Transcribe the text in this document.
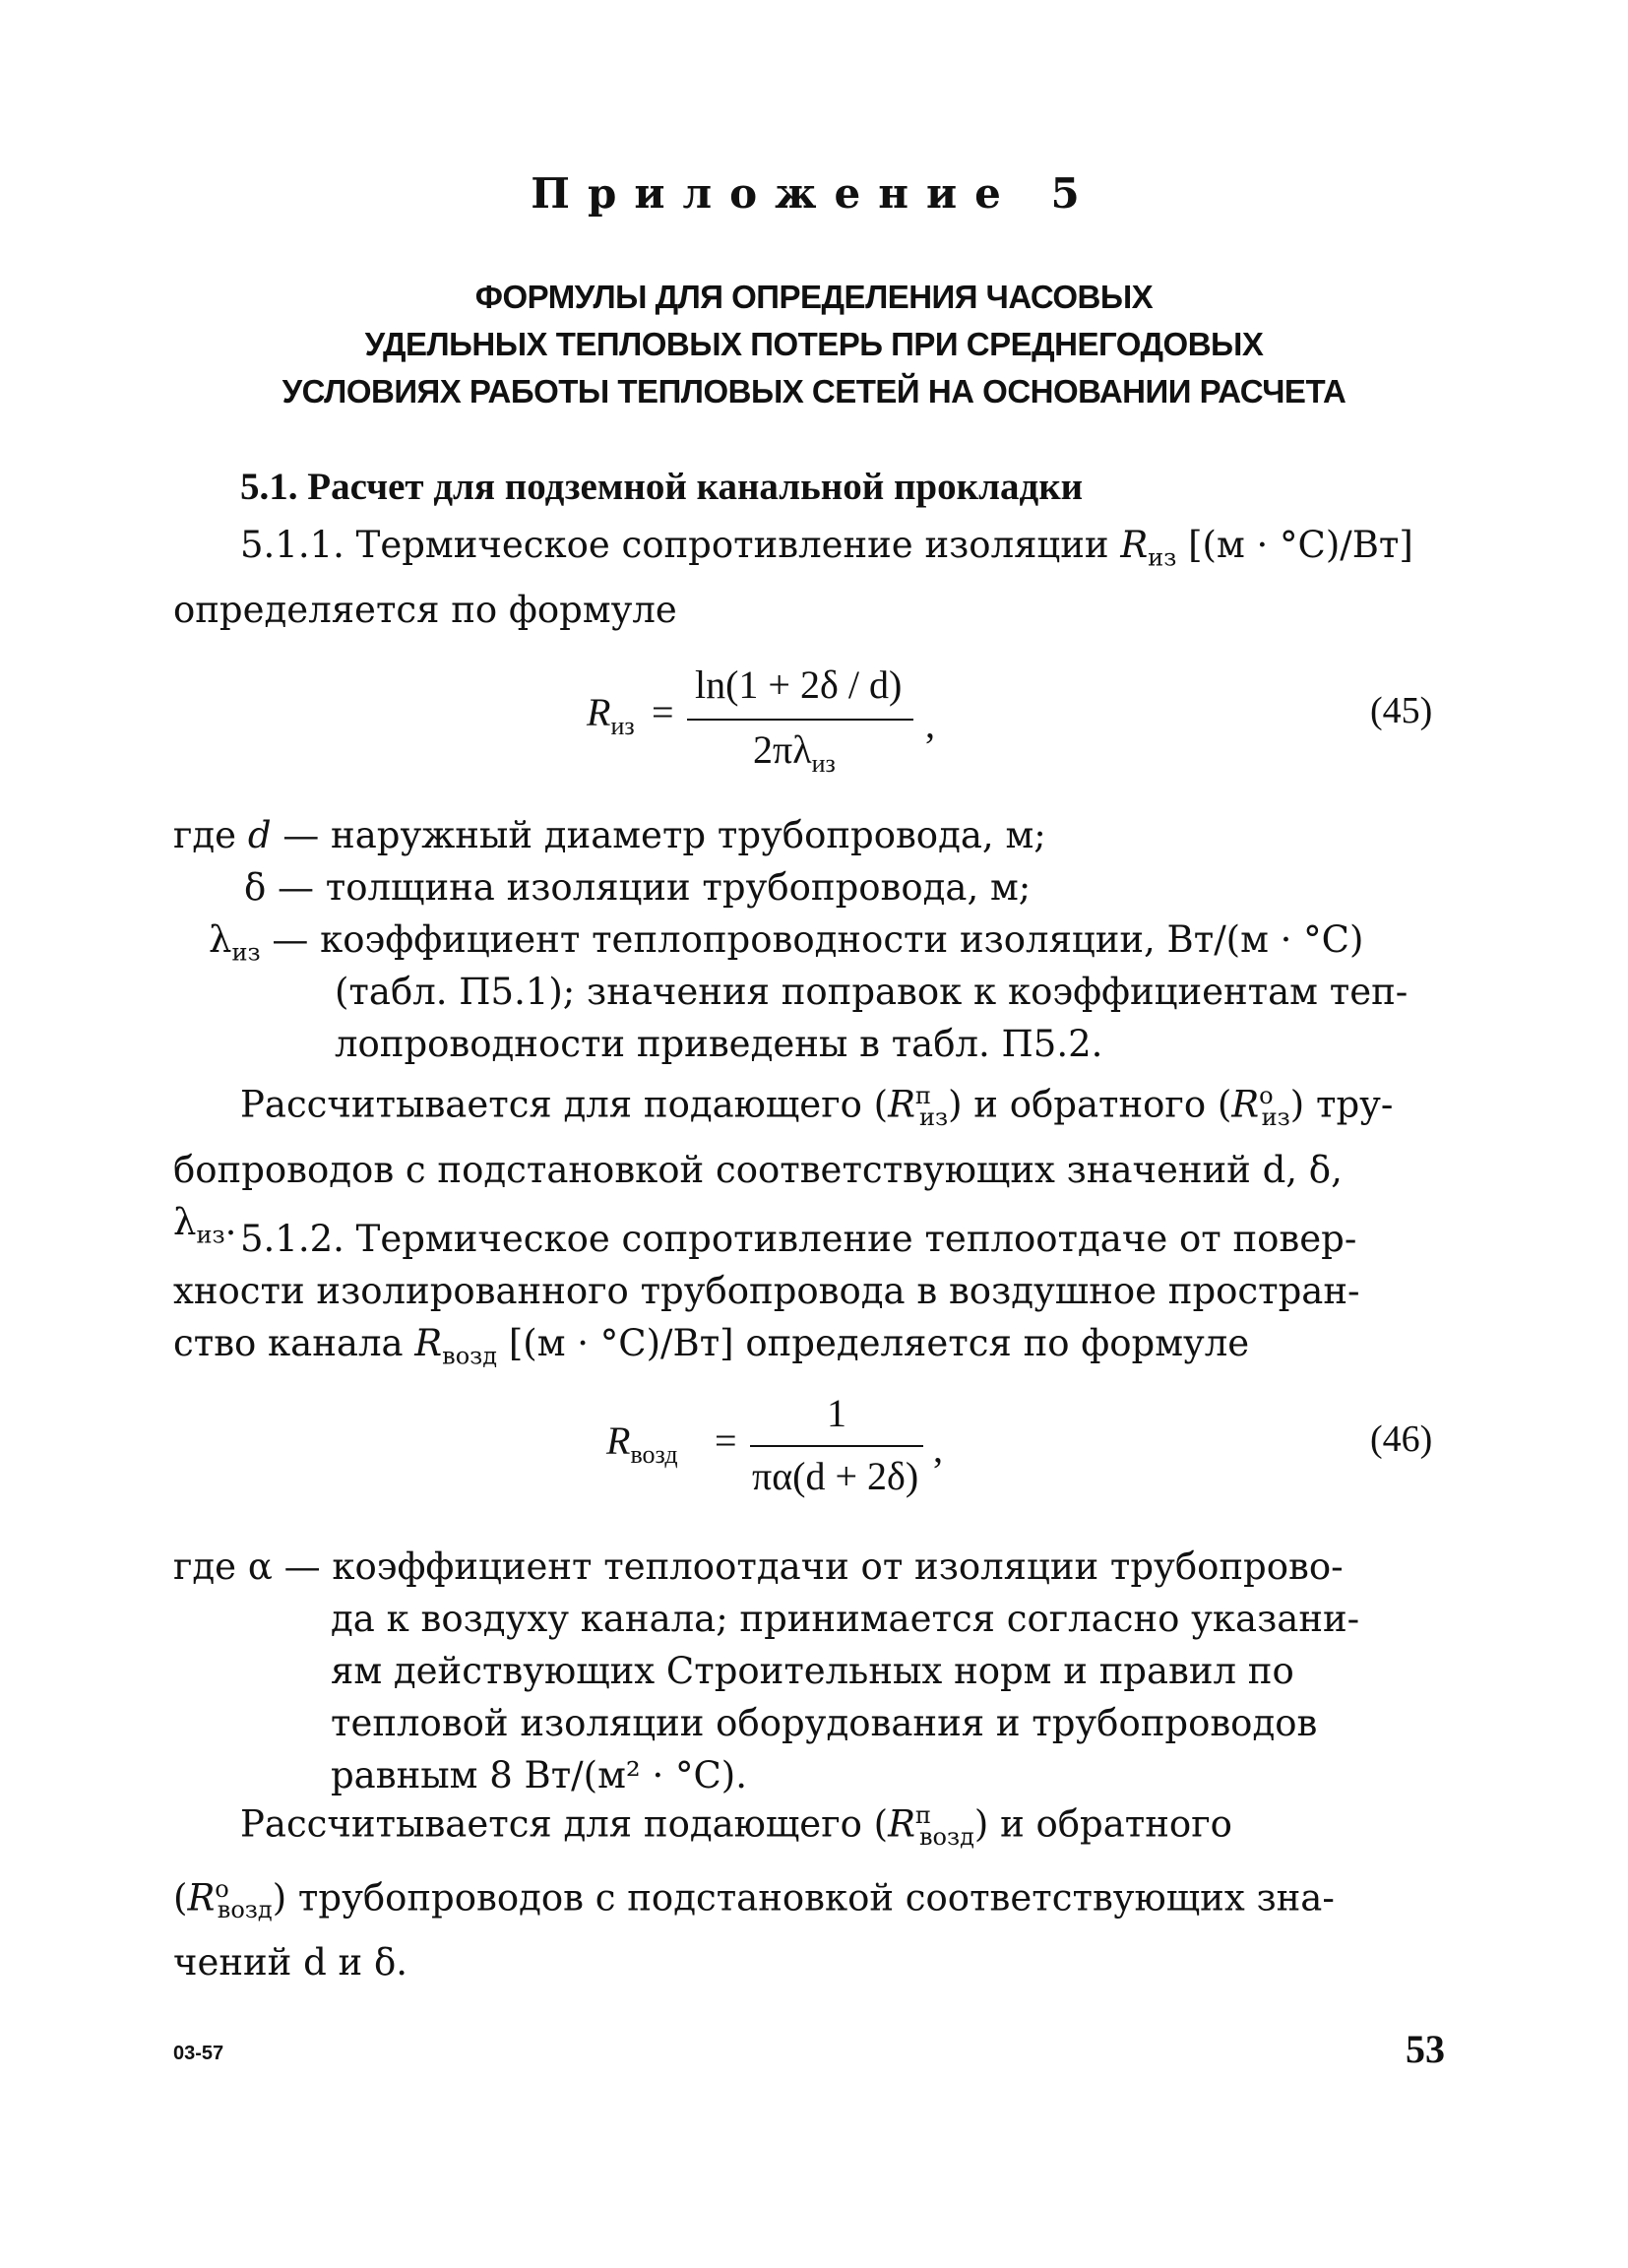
Приложение 5
ФОРМУЛЫ ДЛЯ ОПРЕДЕЛЕНИЯ ЧАСОВЫХ
УДЕЛЬНЫХ ТЕПЛОВЫХ ПОТЕРЬ ПРИ СРЕДНЕГОДОВЫХ
УСЛОВИЯХ РАБОТЫ ТЕПЛОВЫХ СЕТЕЙ НА ОСНОВАНИИ РАСЧЕТА
5.1. Расчет для подземной канальной прокладки
5.1.1. Термическое сопротивление изоляции $R_{из}$ [(м · °С)/Вт]
определяется по формуле
$R_{из}$ =
ln(1 + 2δ / d)
$2\pi\lambda_{из}$
,	(45)
где d — наружный диаметр трубопровода, м;
δ — толщина изоляции трубопровода, м;
$\lambda_{из}$ — коэффициент теплопроводности изоляции, Вт/(м · °С)
(табл. П5.1); значения поправок к коэффициентам теп-
лопроводности приведены в табл. П5.2.
Рассчитывается для подающего $(R^п_{из})$ и обратного $(R^о_{из})$ тру-
бопроводов с подстановкой соответствующих значений d, δ,
$\lambda_{из}$. 5.1.2. Термическое сопротивление теплоотдаче от повер-
хности изолированного трубопровода в воздушное простран-
ство канала $R_{возд}$ [(м · °С)/Вт] определяется по формуле
$R_{возд}$ =
1
πα(d + 2δ)
,	(46)
где α — коэффициент теплоотдачи от изоляции трубопрово-
да к воздуху канала; принимается согласно указани-
ям действующих Строительных норм и правил по
тепловой изоляции оборудования и трубопроводов
равным 8 Вт/(м² · °С).
Рассчитывается для подающего $(R^п_{возд})$ и обратного
$(R^о_{возд})$ трубопроводов с подстановкой соответствующих зна-
чений d и δ.
03-57	53
